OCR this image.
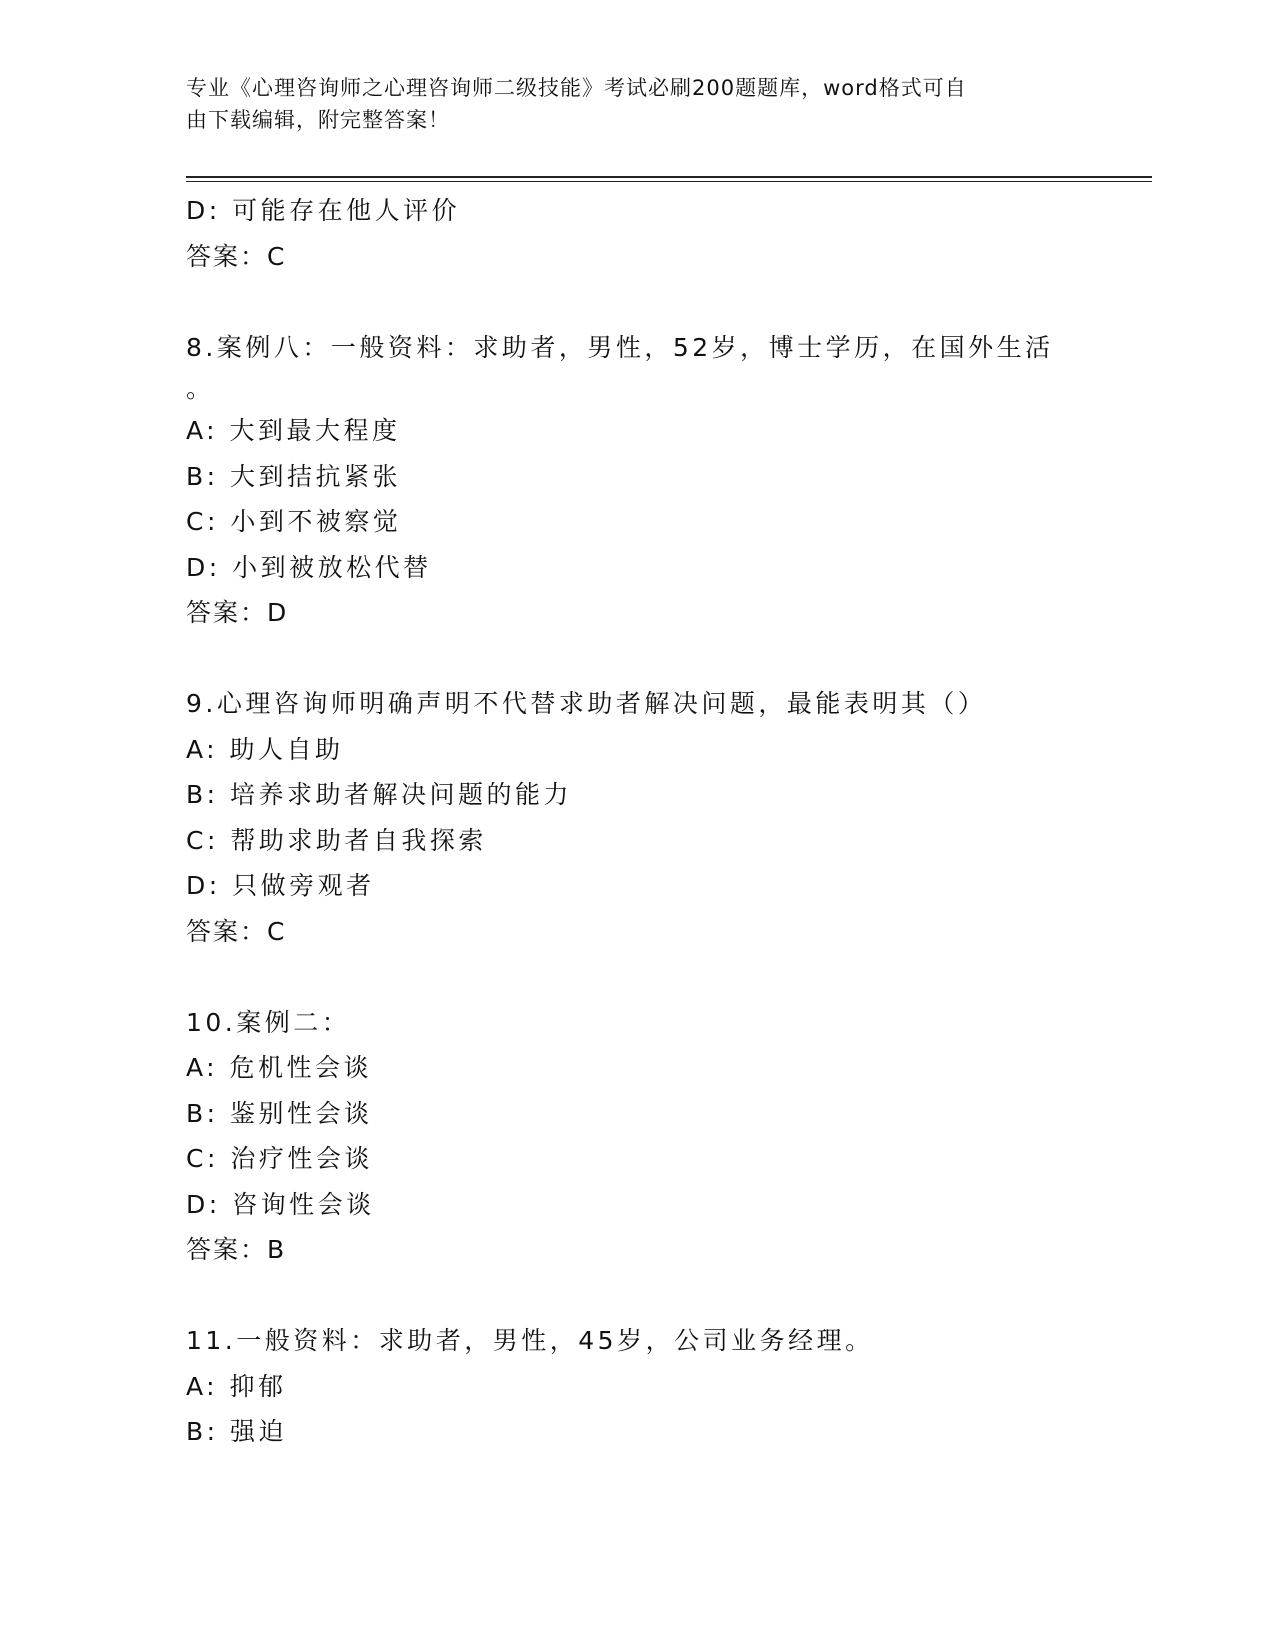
专业《心理咨询师之心理咨询师二级技能》考试必刷200题题库，word格式可自
由下载编辑，附完整答案！
D: 可能存在他人评价
答案：C
8.案例八：一般资料：求助者，男性，52岁，博士学历，在国外生活
。
A: 大到最大程度
B: 大到拮抗紧张
C: 小到不被察觉
D: 小到被放松代替
答案：D
9.心理咨询师明确声明不代替求助者解决问题，最能表明其（）
A: 助人自助
B: 培养求助者解决问题的能力
C: 帮助求助者自我探索
D: 只做旁观者
答案：C
10.案例二：
A: 危机性会谈
B: 鉴别性会谈
C: 治疗性会谈
D: 咨询性会谈
答案：B
11.一般资料：求助者，男性，45岁，公司业务经理。
A: 抑郁
B: 强迫
